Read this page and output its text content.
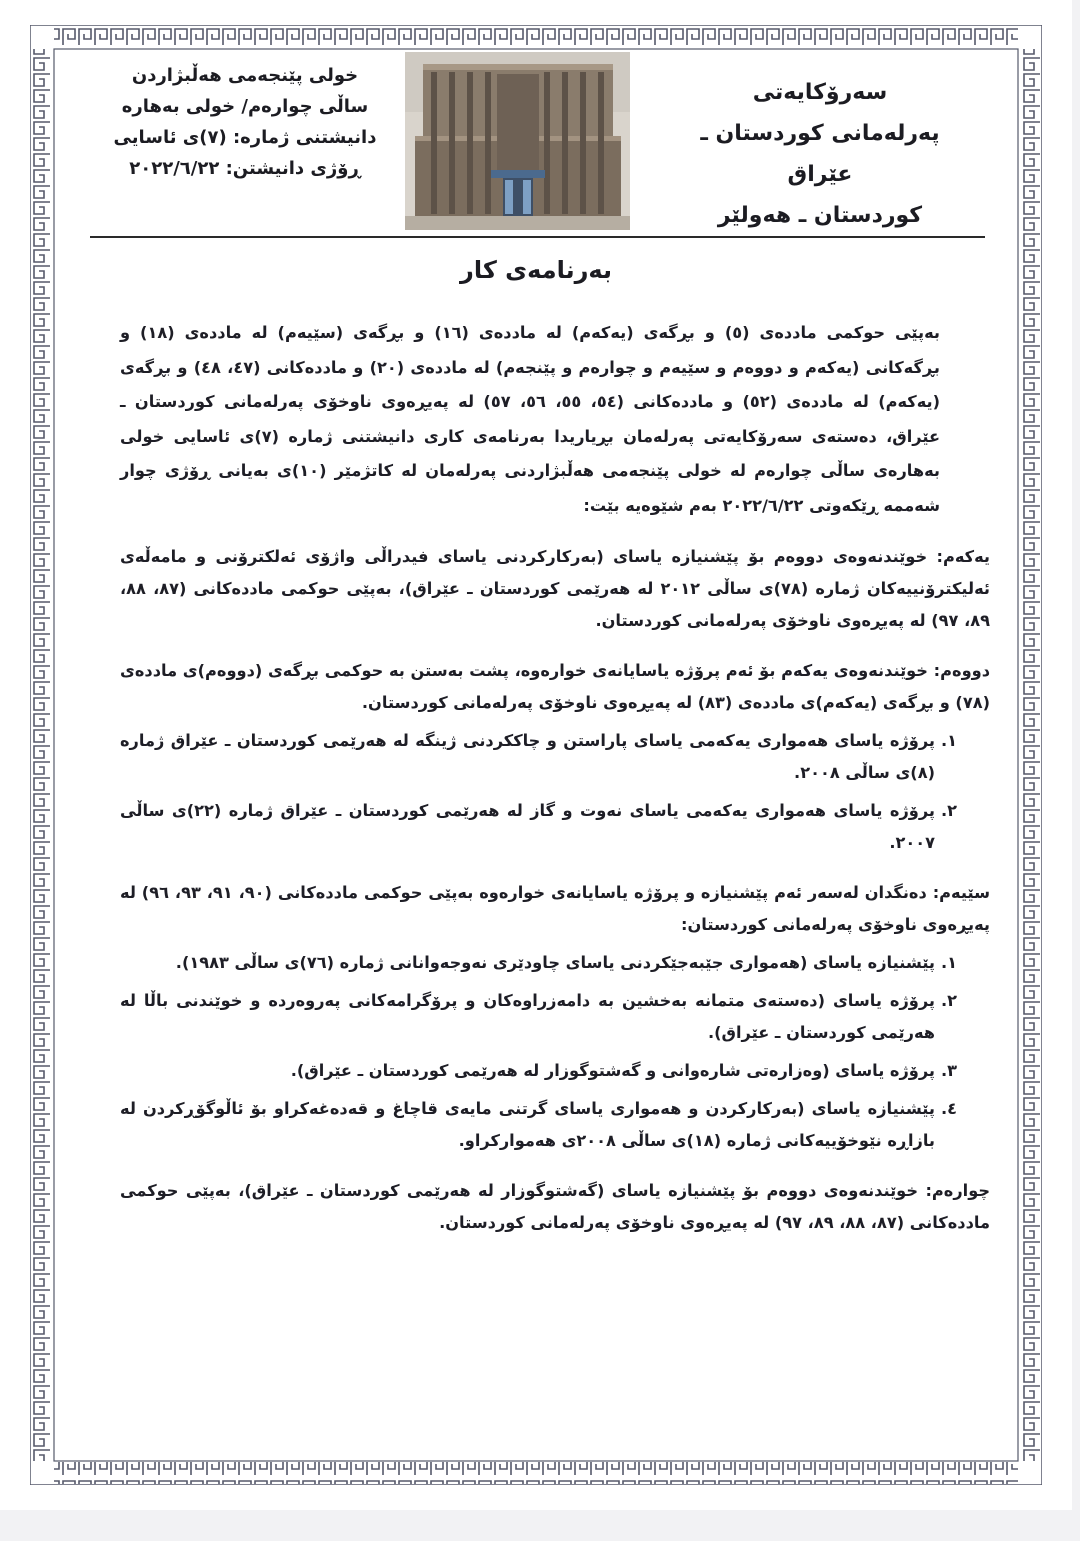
سەرۆکایەتی
پەرلەمانی کوردستان ـ عێراق
کوردستان ـ هەولێر
خولی پێنجەمی هەڵبژاردن
ساڵی چوارەم/ خولی بەهارە
دانیشتنی ژمارە: (٧)ی ئاسایی
ڕۆژی دانیشتن: ٢٠٢٢/٦/٢٢
بەرنامەی کار

بەپێی حوکمی ماددەی (٥) و بڕگەی (یەکەم) لە ماددەی (١٦) و بڕگەی (سێیەم) لە ماددەی (١٨) و بڕگەکانی (یەکەم و دووەم و سێیەم و چوارەم و پێنجەم) لە ماددەی (٢٠) و ماددەکانی (٤٧، ٤٨) و بڕگەی (یەکەم) لە ماددەی (٥٢) و ماددەکانی (٥٤، ٥٥، ٥٦، ٥٧) لە پەیڕەوی ناوخۆی پەرلەمانی کوردستان ـ عێراق، دەستەی سەرۆکایەتی پەرلەمان بڕیاریدا بەرنامەی کاری دانیشتنی ژمارە (٧)ی ئاسایی خولی بەهارەی ساڵی چوارەم لە خولی پێنجەمی هەڵبژاردنی پەرلەمان لە کاتژمێر (١٠)ی بەیانی ڕۆژی چوار شەممە ڕێکەوتی ٢٠٢٢/٦/٢٢ بەم شێوەیە بێت:

یەکەم: خوێندنەوەی دووەم بۆ پێشنیازە یاسای (بەرکارکردنی یاسای فیدراڵی واژۆی ئەلکترۆنی و مامەڵەی ئەلیکترۆنییەکان ژمارە (٧٨)ی ساڵی ٢٠١٢ لە هەرێمی کوردستان ـ عێراق)، بەپێی حوکمی ماددەکانی (٨٧، ٨٨، ٨٩، ٩٧) لە پەیڕەوی ناوخۆی پەرلەمانی کوردستان.
دووەم: خوێندنەوەی یەکەم بۆ ئەم پرۆژە یاسایانەی خوارەوە، پشت بەستن بە حوکمی بڕگەی (دووەم)ی ماددەی (٧٨) و بڕگەی (یەکەم)ی ماددەی (٨٣) لە پەیڕەوی ناوخۆی پەرلەمانی کوردستان.
١.
پرۆژە یاسای هەمواری یەکەمی یاسای پاراستن و چاککردنی ژینگە لە هەرێمی کوردستان ـ عێراق ژمارە (٨)ی ساڵی ٢٠٠٨.
٢.
پرۆژە یاسای هەمواری یەکەمی یاسای نەوت و گاز لە هەرێمی کوردستان ـ عێراق ژمارە (٢٢)ی ساڵی ٢٠٠٧.
سێیەم: دەنگدان لەسەر ئەم پێشنیازە و پرۆژە یاسایانەی خوارەوە بەپێی حوکمی ماددەکانی (٩٠، ٩١، ٩٣، ٩٦) لە پەیڕەوی ناوخۆی پەرلەمانی کوردستان:
١.
پێشنیازە یاسای (هەمواری جێبەجێکردنی یاسای چاودێری نەوجەوانانی ژمارە (٧٦)ی ساڵی ١٩٨٣).
٢.
پرۆژە یاسای (دەستەی متمانە بەخشین بە دامەزراوەکان و پرۆگرامەکانی پەروەردە و خوێندنی باڵا لە هەرێمی کوردستان ـ عێراق).
٣.
پرۆژە یاسای (وەزارەتی شارەوانی و گەشتوگوزار لە هەرێمی کوردستان ـ عێراق).
٤.
پێشنیازە یاسای (بەرکارکردن و هەمواری یاسای گرتنی مایەی قاچاغ و قەدەغەکراو بۆ ئاڵوگۆڕکردن لە بازاڕە نێوخۆییەکانی ژمارە (١٨)ی ساڵی ٢٠٠٨ی هەموارکراو.
چوارەم: خوێندنەوەی دووەم بۆ پێشنیازە یاسای (گەشتوگوزار لە هەرێمی کوردستان ـ عێراق)، بەپێی حوکمی ماددەکانی (٨٧، ٨٨، ٨٩، ٩٧) لە پەیڕەوی ناوخۆی پەرلەمانی کوردستان.
